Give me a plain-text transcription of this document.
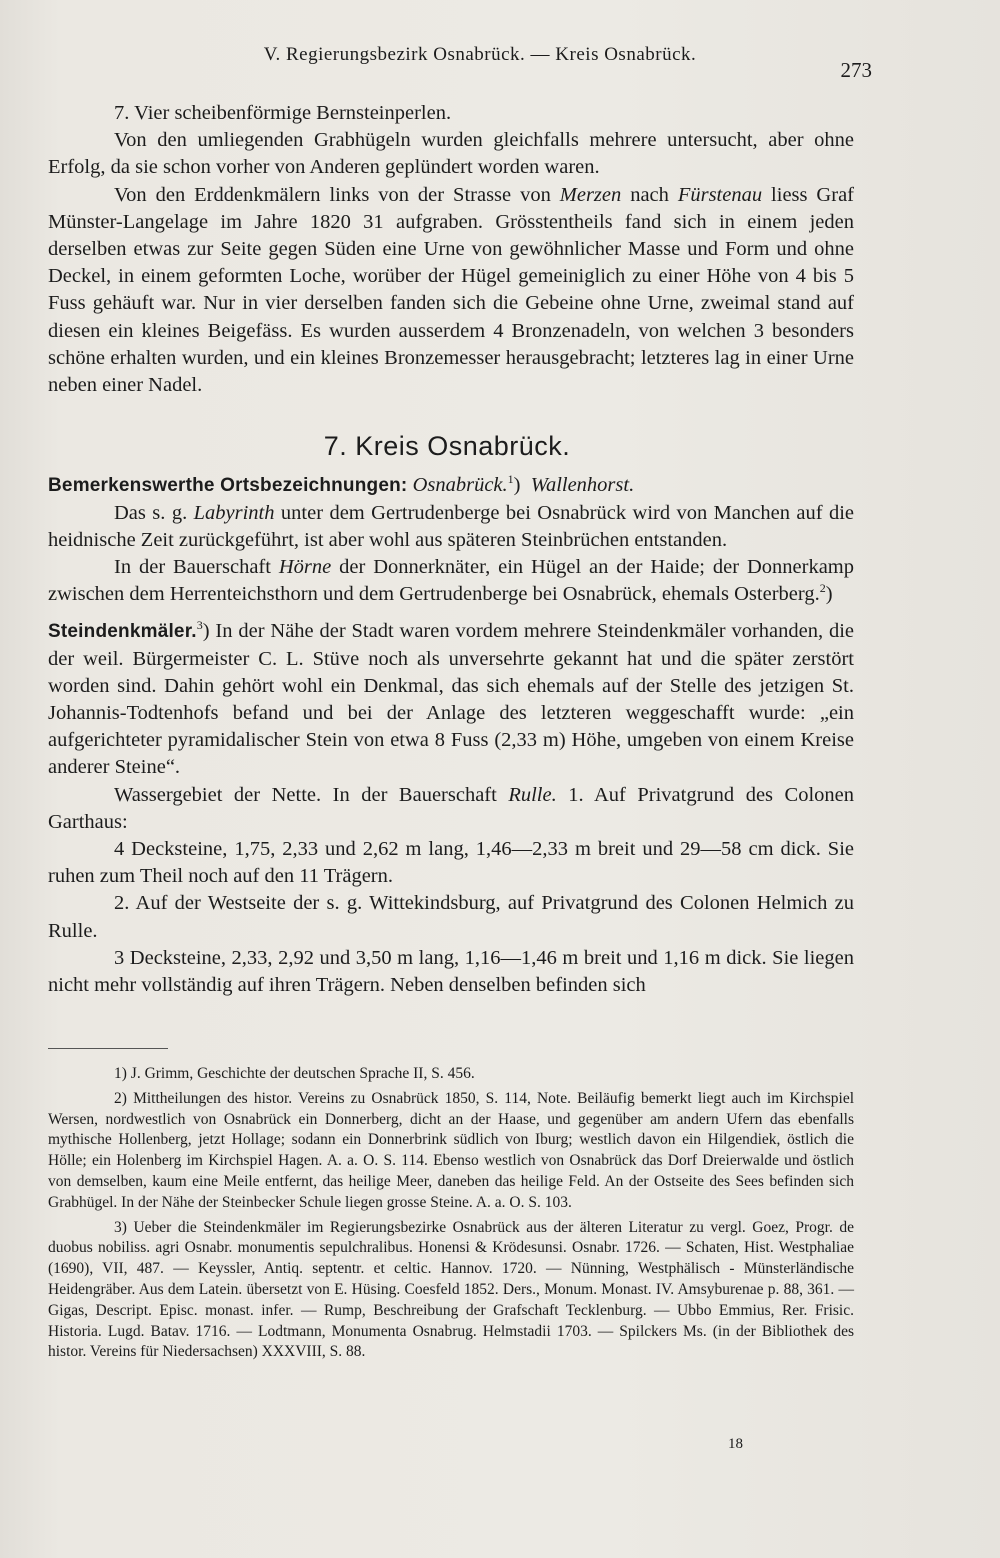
V. Regierungsbezirk Osnabrück. — Kreis Osnabrück.
273

7. Vier scheibenförmige Bernsteinperlen.

Von den umliegenden Grabhügeln wurden gleichfalls mehrere untersucht, aber ohne Erfolg, da sie schon vorher von Anderen geplündert worden waren.

Von den Erddenkmälern links von der Strasse von Merzen nach Fürstenau liess Graf Münster-Langelage im Jahre 1820 31 aufgraben. Grösstentheils fand sich in einem jeden derselben etwas zur Seite gegen Süden eine Urne von gewöhnlicher Masse und Form und ohne Deckel, in einem geformten Loche, worüber der Hügel gemeiniglich zu einer Höhe von 4 bis 5 Fuss gehäuft war. Nur in vier derselben fanden sich die Gebeine ohne Urne, zweimal stand auf diesen ein kleines Beigefäss. Es wurden ausserdem 4 Bronzenadeln, von welchen 3 besonders schöne erhalten wurden, und ein kleines Bronzemesser herausgebracht; letzteres lag in einer Urne neben einer Nadel.

7. Kreis Osnabrück.

Bemerkenswerthe Ortsbezeichnungen: Osnabrück.$^1$)  Wallenhorst.

Das s. g. Labyrinth unter dem Gertrudenberge bei Osnabrück wird von Manchen auf die heidnische Zeit zurückgeführt, ist aber wohl aus späteren Steinbrüchen entstanden.

In der Bauerschaft Hörne der Donnerknäter, ein Hügel an der Haide; der Donnerkamp zwischen dem Herrenteichsthorn und dem Gertrudenberge bei Osnabrück, ehemals Osterberg.$^2$)

Steindenkmäler.$^3$) In der Nähe der Stadt waren vordem mehrere Steindenkmäler vorhanden, die der weil. Bürgermeister C. L. Stüve noch als unversehrte gekannt hat und die später zerstört worden sind. Dahin gehört wohl ein Denkmal, das sich ehemals auf der Stelle des jetzigen St. Johannis-Todtenhofs befand und bei der Anlage des letzteren weggeschafft wurde: „ein aufgerichteter pyramidalischer Stein von etwa 8 Fuss (2,33 m) Höhe, umgeben von einem Kreise anderer Steine“.

Wassergebiet der Nette. In der Bauerschaft Rulle. 1. Auf Privatgrund des Colonen Garthaus:

4 Decksteine, 1,75, 2,33 und 2,62 m lang, 1,46—2,33 m breit und 29—58 cm dick. Sie ruhen zum Theil noch auf den 11 Trägern.

2. Auf der Westseite der s. g. Wittekindsburg, auf Privatgrund des Colonen Helmich zu Rulle.

3 Decksteine, 2,33, 2,92 und 3,50 m lang, 1,16—1,46 m breit und 1,16 m dick. Sie liegen nicht mehr vollständig auf ihren Trägern. Neben denselben befinden sich

1) J. Grimm, Geschichte der deutschen Sprache II, S. 456.

2) Mittheilungen des histor. Vereins zu Osnabrück 1850, S. 114, Note. Beiläufig bemerkt liegt auch im Kirchspiel Wersen, nordwestlich von Osnabrück ein Donnerberg, dicht an der Haase, und gegenüber am andern Ufern das ebenfalls mythische Hollenberg, jetzt Hollage; sodann ein Donnerbrink südlich von Iburg; westlich davon ein Hilgendiek, östlich die Hölle; ein Holenberg im Kirchspiel Hagen. A. a. O. S. 114. Ebenso westlich von Osnabrück das Dorf Dreierwalde und östlich von demselben, kaum eine Meile entfernt, das heilige Meer, daneben das heilige Feld. An der Ostseite des Sees befinden sich Grabhügel. In der Nähe der Steinbecker Schule liegen grosse Steine. A. a. O. S. 103.

3) Ueber die Steindenkmäler im Regierungsbezirke Osnabrück aus der älteren Literatur zu vergl. Goez, Progr. de duobus nobiliss. agri Osnabr. monumentis sepulchralibus. Honensi & Krödesunsi. Osnabr. 1726. — Schaten, Hist. Westphaliae (1690), VII, 487. — Keyssler, Antiq. septentr. et celtic. Hannov. 1720. — Nünning, Westphälisch - Münsterländische Heidengräber. Aus dem Latein. übersetzt von E. Hüsing. Coesfeld 1852. Ders., Monum. Monast. IV. Amsyburenae p. 88, 361. — Gigas, Descript. Episc. monast. infer. — Rump, Beschreibung der Grafschaft Tecklenburg. — Ubbo Emmius, Rer. Frisic. Historia. Lugd. Batav. 1716. — Lodtmann, Monumenta Osnabrug. Helmstadii 1703. — Spilckers Ms. (in der Bibliothek des histor. Vereins für Niedersachsen) XXXVIII, S. 88.

18
